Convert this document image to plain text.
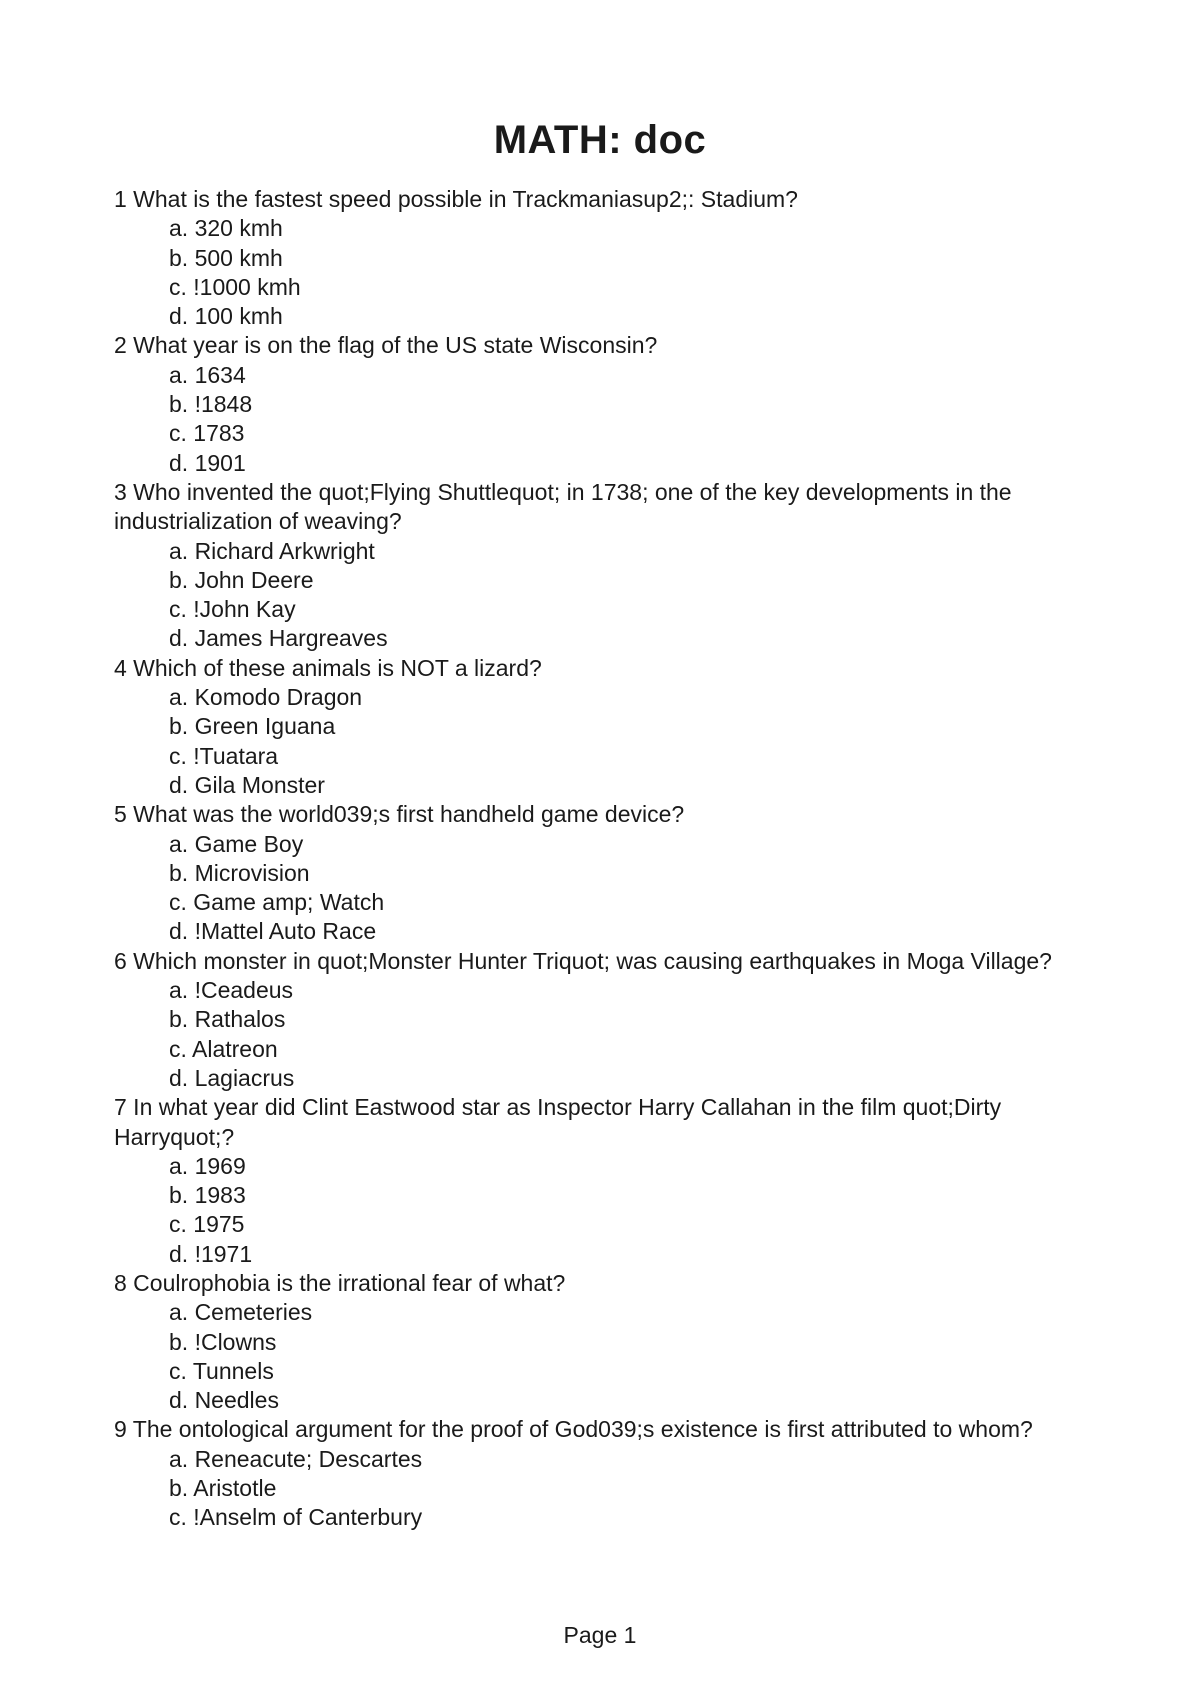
MATH: doc

1 What is the fastest speed possible in Trackmaniasup2;: Stadium?

a. 320 kmh
b. 500 kmh
c. !1000 kmh
d. 100 kmh

2 What year is on the flag of the US state Wisconsin?

a. 1634
b. !1848
c. 1783
d. 1901

3 Who invented the quot;Flying Shuttlequot; in 1738; one of the key developments in the industrialization of weaving?

a. Richard Arkwright
b. John Deere
c. !John Kay
d. James Hargreaves

4 Which of these animals is NOT a lizard?

a. Komodo Dragon
b. Green Iguana
c. !Tuatara
d. Gila Monster

5 What was the world039;s first handheld game device?

a. Game Boy
b. Microvision
c. Game amp; Watch
d. !Mattel Auto Race

6 Which monster in quot;Monster Hunter Triquot; was causing earthquakes in Moga Village?

a. !Ceadeus
b. Rathalos
c. Alatreon
d. Lagiacrus

7 In what year did Clint Eastwood star as Inspector Harry Callahan in the film quot;Dirty Harryquot;?

a. 1969
b. 1983
c. 1975
d. !1971

8 Coulrophobia is the irrational fear of what?

a. Cemeteries
b. !Clowns
c. Tunnels
d. Needles

9 The ontological argument for the proof of God039;s existence is first attributed to whom?

a. Reneacute; Descartes
b. Aristotle
c. !Anselm of Canterbury
Page 1
